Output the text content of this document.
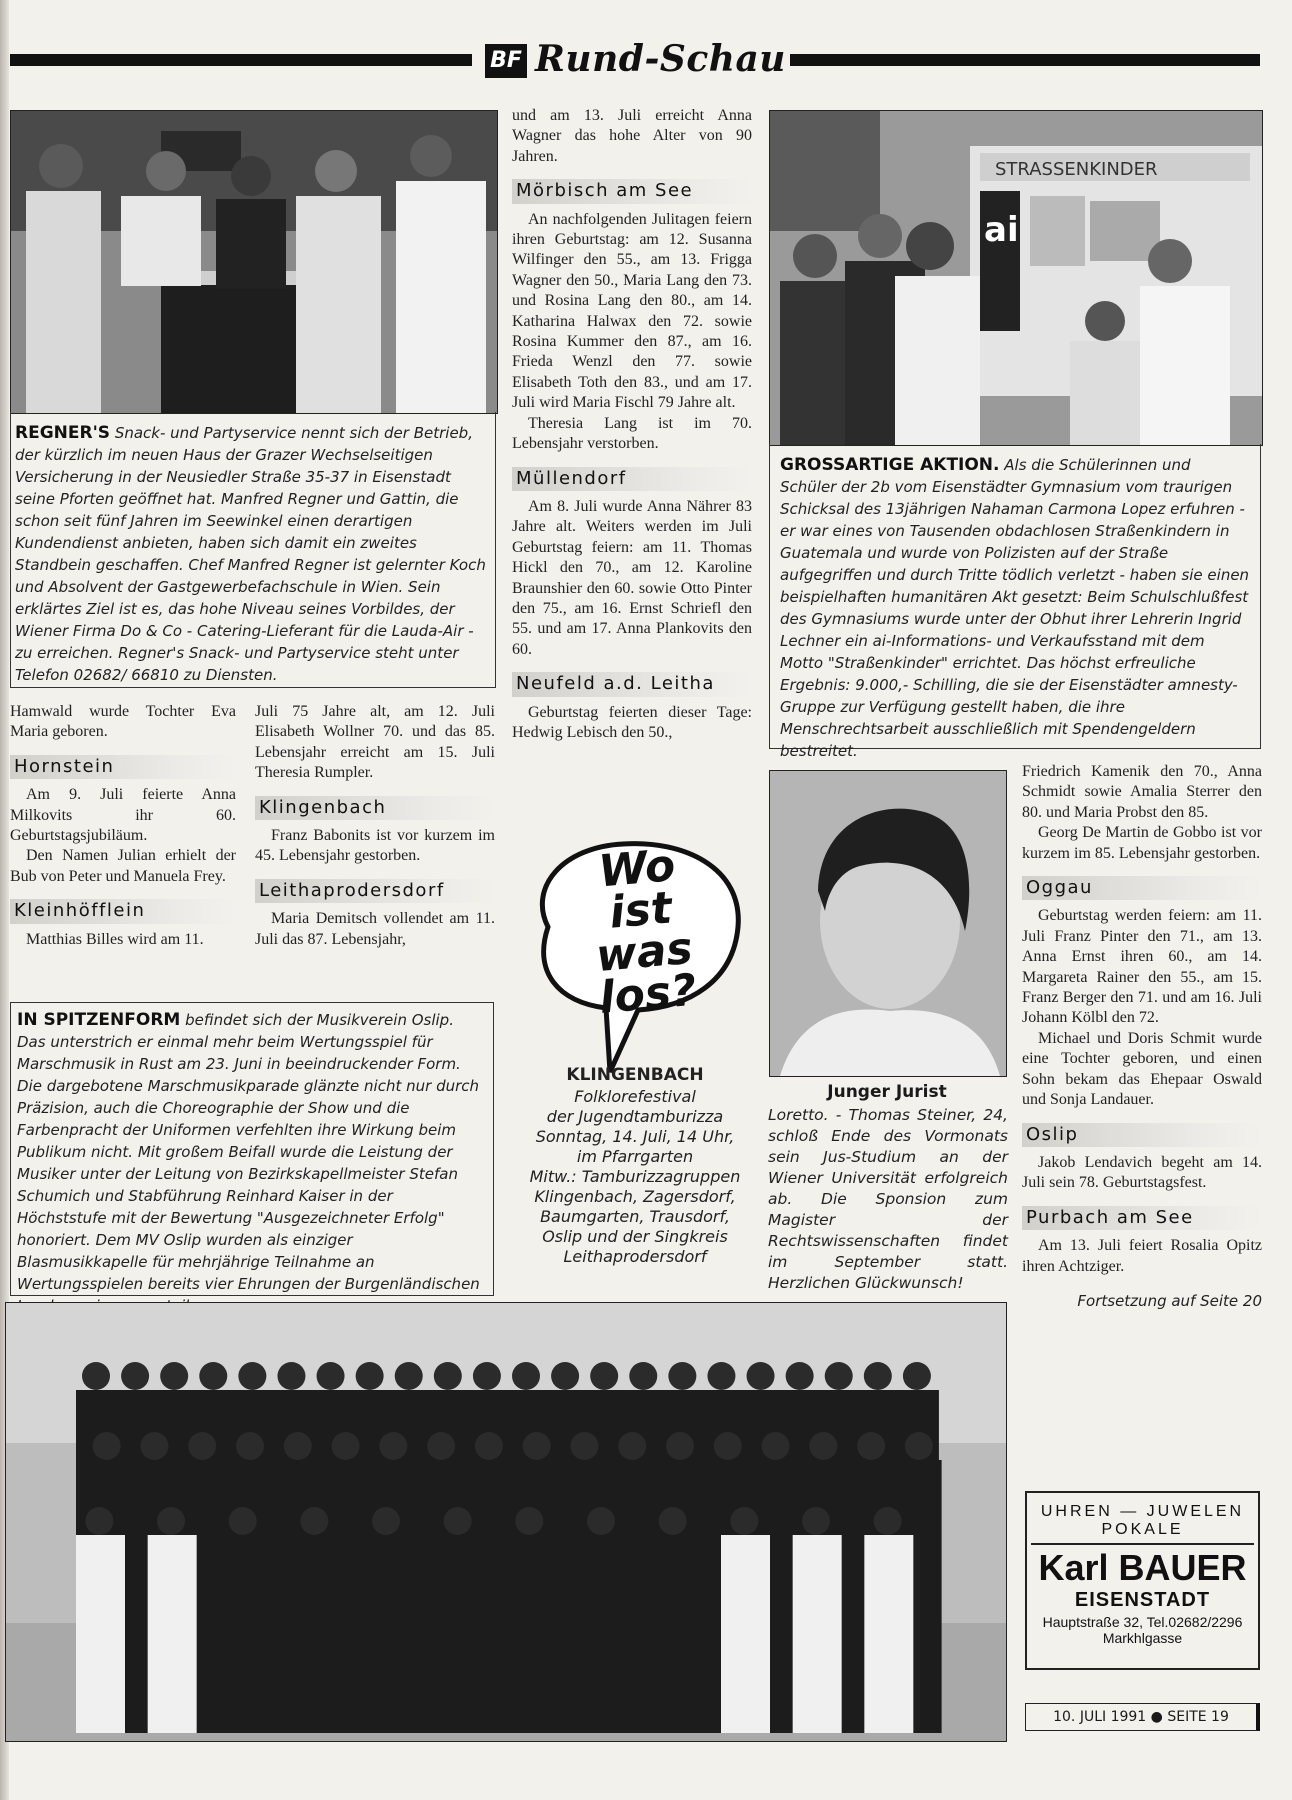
BF Rund-Schau
REGNER'S Snack- und Partyservice nennt sich der Betrieb, der kürzlich im neuen Haus der Grazer Wechselseitigen Versicherung in der Neusiedler Straße 35-37 in Eisenstadt seine Pforten geöffnet hat. Manfred Regner und Gattin, die schon seit fünf Jahren im Seewinkel einen derartigen Kundendienst anbieten, haben sich damit ein zweites Standbein geschaffen. Chef Manfred Regner ist gelernter Koch und Absolvent der Gastgewerbefachschule in Wien. Sein erklärtes Ziel ist es, das hohe Niveau seines Vorbildes, der Wiener Firma Do & Co - Catering-Lieferant für die Lauda-Air - zu erreichen. Regner's Snack- und Partyservice steht unter Telefon 02682/ 66810 zu Diensten.

Hamwald wurde Tochter Eva Maria geboren.

Hornstein

Am 9. Juli feierte Anna Milkovits ihr 60. Geburtstagsjubiläum.

Den Namen Julian erhielt der Bub von Peter und Manuela Frey.

Kleinhöfflein

Matthias Billes wird am 11.

Juli 75 Jahre alt, am 12. Juli Elisabeth Wollner 70. und das 85. Lebensjahr erreicht am 15. Juli Theresia Rumpler.

Klingenbach

Franz Babonits ist vor kurzem im 45. Lebensjahr gestorben.

Leithaprodersdorf

Maria Demitsch vollendet am 11. Juli das 87. Lebensjahr,

und am 13. Juli erreicht Anna Wagner das hohe Alter von 90 Jahren.

Mörbisch am See

An nachfolgenden Julitagen feiern ihren Geburtstag: am 12. Susanna Wilfinger den 55., am 13. Frigga Wagner den 50., Maria Lang den 73. und Rosina Lang den 80., am 14. Katharina Halwax den 72. sowie Rosina Kummer den 87., am 16. Frieda Wenzl den 77. sowie Elisabeth Toth den 83., und am 17. Juli wird Maria Fischl 79 Jahre alt.

Theresia Lang ist im 70. Lebensjahr verstorben.

Müllendorf

Am 8. Juli wurde Anna Nährer 83 Jahre alt. Weiters werden im Juli Geburtstag feiern: am 11. Thomas Hickl den 70., am 12. Karoline Braunshier den 60. sowie Otto Pinter den 75., am 16. Ernst Schriefl den 55. und am 17. Anna Plankovits den 60.

Neufeld a.d. Leitha

Geburtstag feierten dieser Tage: Hedwig Lebisch den 50.,

Wo
ist was
los?
KLINGENBACH
Folklorefestival
der Jugendtamburizza
Sonntag, 14. Juli, 14 Uhr,
im Pfarrgarten
Mitw.: Tamburizzagruppen
Klingenbach, Zagersdorf,
Baumgarten, Trausdorf,
Oslip und der Singkreis
Leithaprodersdorf
STRASSENKINDER
ai
GROSSARTIGE AKTION. Als die Schülerinnen und Schüler der 2b vom Eisenstädter Gymnasium vom traurigen Schicksal des 13jährigen Nahaman Carmona Lopez erfuhren - er war eines von Tausenden obdachlosen Straßenkindern in Guatemala und wurde von Polizisten auf der Straße aufgegriffen und durch Tritte tödlich verletzt - haben sie einen beispielhaften humanitären Akt gesetzt: Beim Schulschlußfest des Gymnasiums wurde unter der Obhut ihrer Lehrerin Ingrid Lechner ein ai-Informations- und Verkaufsstand mit dem Motto "Straßenkinder" errichtet. Das höchst erfreuliche Ergebnis: 9.000,- Schilling, die sie der Eisenstädter amnesty-Gruppe zur Verfügung gestellt haben, die ihre Menschrechtsarbeit ausschließlich mit Spendengeldern bestreitet.
Junger Jurist
Loretto. - Thomas Steiner, 24, schloß Ende des Vormonats sein Jus-Studium an der Wiener Universität erfolgreich ab. Die Sponsion zum Magister der Rechtswissenschaften findet im September statt. Herzlichen Glückwunsch!

Friedrich Kamenik den 70., Anna Schmidt sowie Amalia Sterrer den 80. und Maria Probst den 85.

Georg De Martin de Gobbo ist vor kurzem im 85. Lebensjahr gestorben.

Oggau

Geburtstag werden feiern: am 11. Juli Franz Pinter den 71., am 13. Anna Ernst ihren 60., am 14. Margareta Rainer den 55., am 15. Franz Berger den 71. und am 16. Juli Johann Kölbl den 72.

Michael und Doris Schmit wurde eine Tochter geboren, und einen Sohn bekam das Ehepaar Oswald und Sonja Landauer.

Oslip

Jakob Lendavich begeht am 14. Juli sein 78. Geburtstagsfest.

Purbach am See

Am 13. Juli feiert Rosalia Opitz ihren Achtziger.

Fortsetzung auf Seite 20
IN SPITZENFORM befindet sich der Musikverein Oslip. Das unterstrich er einmal mehr beim Wertungsspiel für Marschmusik in Rust am 23. Juni in beeindruckender Form. Die dargebotene Marschmusikparade glänzte nicht nur durch Präzision, auch die Choreographie der Show und die Farbenpracht der Uniformen verfehlten ihre Wirkung beim Publikum nicht. Mit großem Beifall wurde die Leistung der Musiker unter der Leitung von Bezirkskapellmeister Stefan Schumich und Stabführung Reinhard Kaiser in der Höchststufe mit der Bewertung "Ausgezeichneter Erfolg" honoriert. Dem MV Oslip wurden als einziger Blasmusikkapelle für mehrjährige Teilnahme an Wertungsspielen bereits vier Ehrungen der Burgenländischen
UHREN — JUWELEN
POKALE
Karl BAUER
EISENSTADT
Hauptstraße 32, Tel.02682/2296
Markhlgasse
10. JULI 1991 ● SEITE 19
